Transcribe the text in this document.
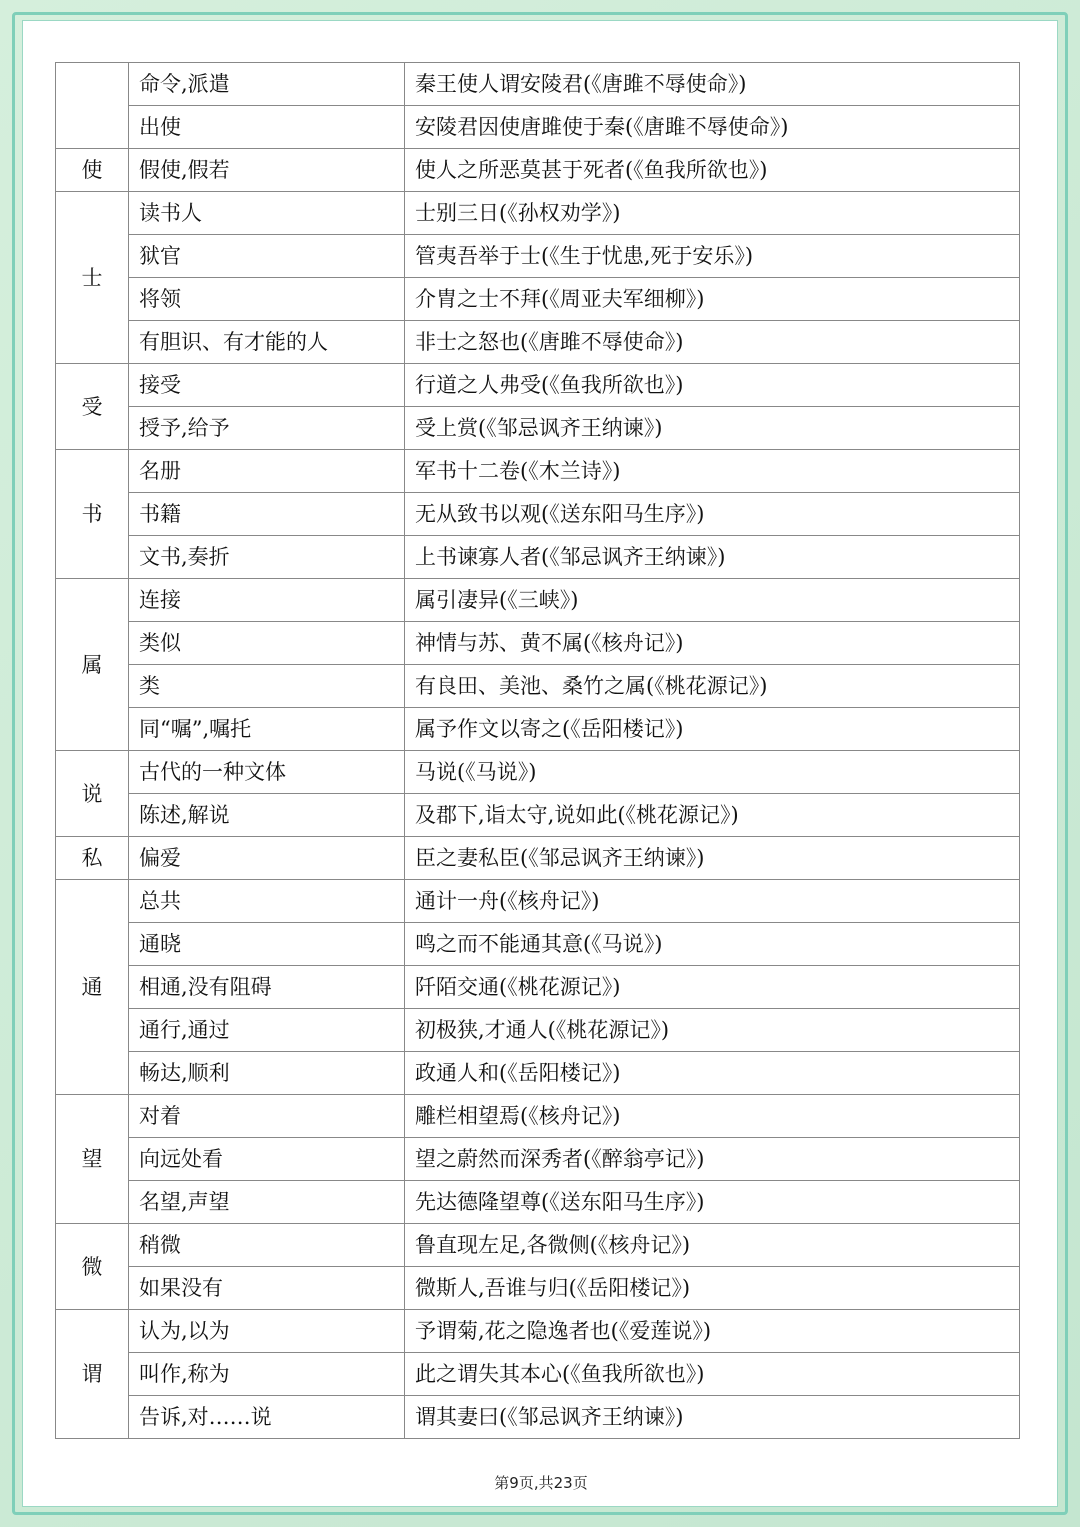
	命令,派遣	秦王使人谓安陵君(《唐雎不辱使命》)
	出使	安陵君因使唐雎使于秦(《唐雎不辱使命》)
使	假使,假若	使人之所恶莫甚于死者(《鱼我所欲也》)
士	读书人	士别三日(《孙权劝学》)
	狱官	管夷吾举于士(《生于忧患,死于安乐》)
	将领	介胄之士不拜(《周亚夫军细柳》)
	有胆识、有才能的人	非士之怒也(《唐雎不辱使命》)
受	接受	行道之人弗受(《鱼我所欲也》)
	授予,给予	受上赏(《邹忌讽齐王纳谏》)
书	名册	军书十二卷(《木兰诗》)
	书籍	无从致书以观(《送东阳马生序》)
	文书,奏折	上书谏寡人者(《邹忌讽齐王纳谏》)
属	连接	属引凄异(《三峡》)
	类似	神情与苏、黄不属(《核舟记》)
	类	有良田、美池、桑竹之属(《桃花源记》)
	同“嘱”,嘱托	属予作文以寄之(《岳阳楼记》)
说	古代的一种文体	马说(《马说》)
	陈述,解说	及郡下,诣太守,说如此(《桃花源记》)
私	偏爱	臣之妻私臣(《邹忌讽齐王纳谏》)
通	总共	通计一舟(《核舟记》)
	通晓	鸣之而不能通其意(《马说》)
	相通,没有阻碍	阡陌交通(《桃花源记》)
	通行,通过	初极狭,才通人(《桃花源记》)
	畅达,顺利	政通人和(《岳阳楼记》)
望	对着	雕栏相望焉(《核舟记》)
	向远处看	望之蔚然而深秀者(《醉翁亭记》)
	名望,声望	先达德隆望尊(《送东阳马生序》)
微	稍微	鲁直现左足,各微侧(《核舟记》)
	如果没有	微斯人,吾谁与归(《岳阳楼记》)
谓	认为,以为	予谓菊,花之隐逸者也(《爱莲说》)
	叫作,称为	此之谓失其本心(《鱼我所欲也》)
	告诉,对……说	谓其妻曰(《邹忌讽齐王纳谏》)
第9页,共23页
